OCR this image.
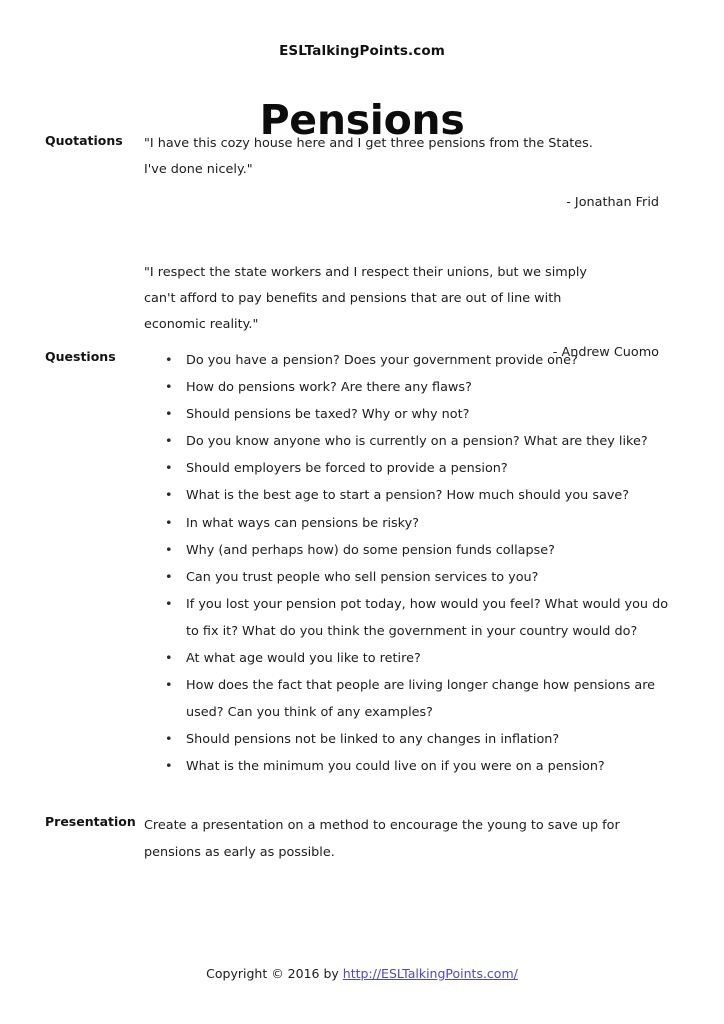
ESLTalkingPoints.com
Pensions
Quotations	"I have this cozy house here and I get three pensions from the States.
I've done nicely."
- Jonathan Frid
"I respect the state workers and I respect their unions, but we simply
can't afford to pay benefits and pensions that are out of line with
economic reality."
- Andrew Cuomo
Questions	• Do you have a pension? Does your government provide one?
• How do pensions work? Are there any flaws?
• Should pensions be taxed? Why or why not?
• Do you know anyone who is currently on a pension? What are they like?
• Should employers be forced to provide a pension?
• What is the best age to start a pension? How much should you save?
• In what ways can pensions be risky?
• Why (and perhaps how) do some pension funds collapse?
• Can you trust people who sell pension services to you?
• If you lost your pension pot today, how would you feel? What would you do to fix it? What do you think the government in your country would do?
• At what age would you like to retire?
• How does the fact that people are living longer change how pensions are used? Can you think of any examples?
• Should pensions not be linked to any changes in inflation?
• What is the minimum you could live on if you were on a pension?
Presentation Create a presentation on a method to encourage the young to save up for pensions as early as possible.
Copyright © 2016 by http://ESLTalkingPoints.com/
